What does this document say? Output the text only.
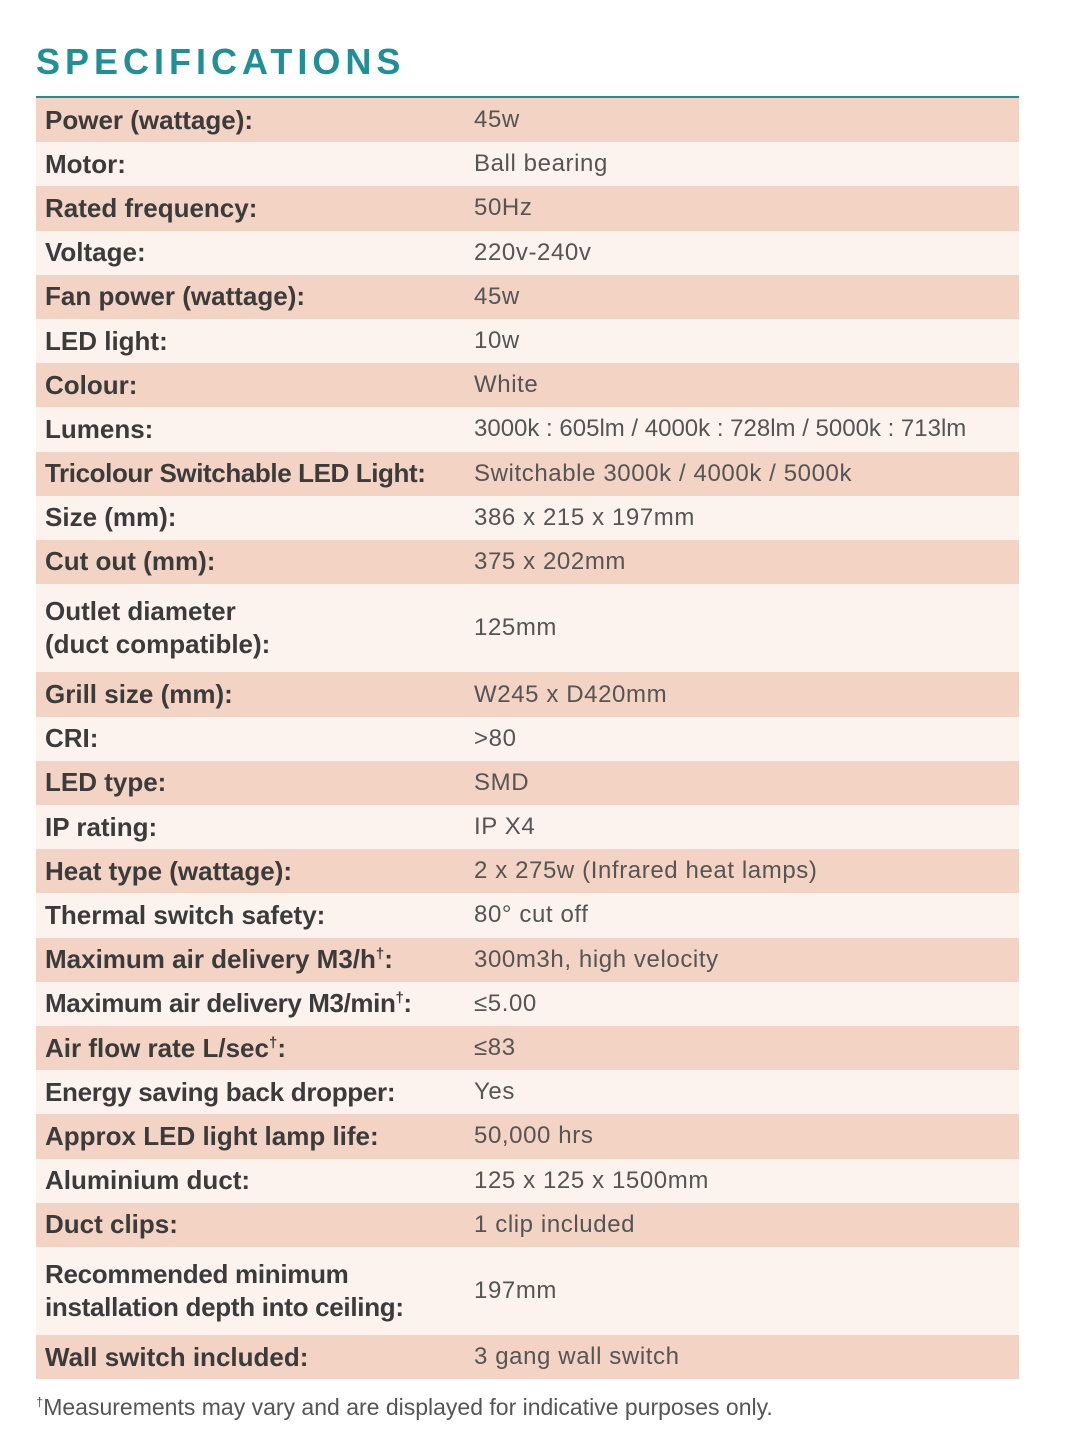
SPECIFICATIONS
Power (wattage):	45w
Motor:	Ball bearing
Rated frequency:	50Hz
Voltage:	220v-240v
Fan power (wattage):	45w
LED light:	10w
Colour:	White
Lumens:	3000k : 605lm / 4000k : 728lm / 5000k : 713lm
Tricolour Switchable LED Light:	Switchable 3000k / 4000k / 5000k
Size (mm):	386 x 215 x 197mm
Cut out (mm):	375 x 202mm
Outlet diameter
(duct compatible):
125mm
Grill size (mm):	W245 x D420mm
CRI:	>80
LED type:	SMD
IP rating:	IP X4
Heat type (wattage):	2 x 275w (Infrared heat lamps)
Thermal switch safety:	80° cut off
Maximum air delivery M3/h†:	300m3h, high velocity
Maximum air delivery M3/min†:	≤5.00
Air flow rate L/sec†:	≤83
Energy saving back dropper:	Yes
Approx LED light lamp life:	50,000 hrs
Aluminium duct:	125 x 125 x 1500mm
Duct clips:	1 clip included
Recommended minimum
installation depth into ceiling:
197mm
Wall switch included:	3 gang wall switch
†Measurements may vary and are displayed for indicative purposes only.
